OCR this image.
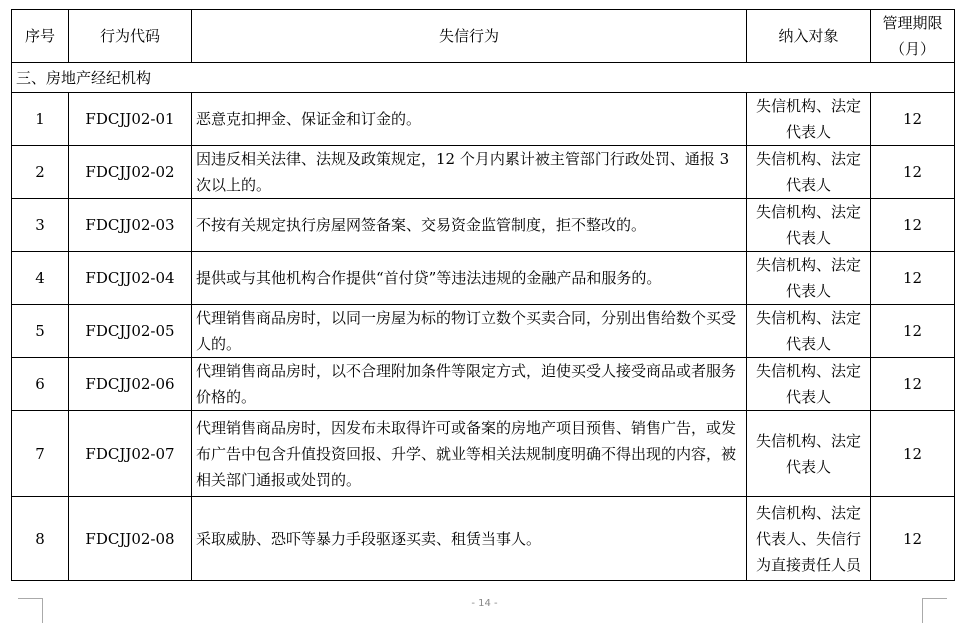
序号	行为代码	失信行为	纳入对象	管理期限
（月）
三、房地产经纪机构				
1	FDCJJ02-01	恶意克扣押金、保证金和订金的。	失信机构、法定代表人	12
2	FDCJJ02-02	因违反相关法律、法规及政策规定，12 个月内累计被主管部门行政处罚、通报 3 次以上的。	失信机构、法定代表人	12
3	FDCJJ02-03	不按有关规定执行房屋网签备案、交易资金监管制度，拒不整改的。	失信机构、法定代表人	12
4	FDCJJ02-04	提供或与其他机构合作提供“首付贷”等违法违规的金融产品和服务的。	失信机构、法定代表人	12
5	FDCJJ02-05	代理销售商品房时，以同一房屋为标的物订立数个买卖合同，分别出售给数个买受人的。	失信机构、法定代表人	12
6	FDCJJ02-06	代理销售商品房时，以不合理附加条件等限定方式，迫使买受人接受商品或者服务价格的。	失信机构、法定代表人	12
7	FDCJJ02-07	代理销售商品房时，因发布未取得许可或备案的房地产项目预售、销售广告，或发布广告中包含升值投资回报、升学、就业等相关法规制度明确不得出现的内容，被相关部门通报或处罚的。	失信机构、法定代表人	12
8	FDCJJ02-08	采取威胁、恐吓等暴力手段驱逐买卖、租赁当事人。	失信机构、法定代表人、失信行为直接责任人员	12
- 14 -
